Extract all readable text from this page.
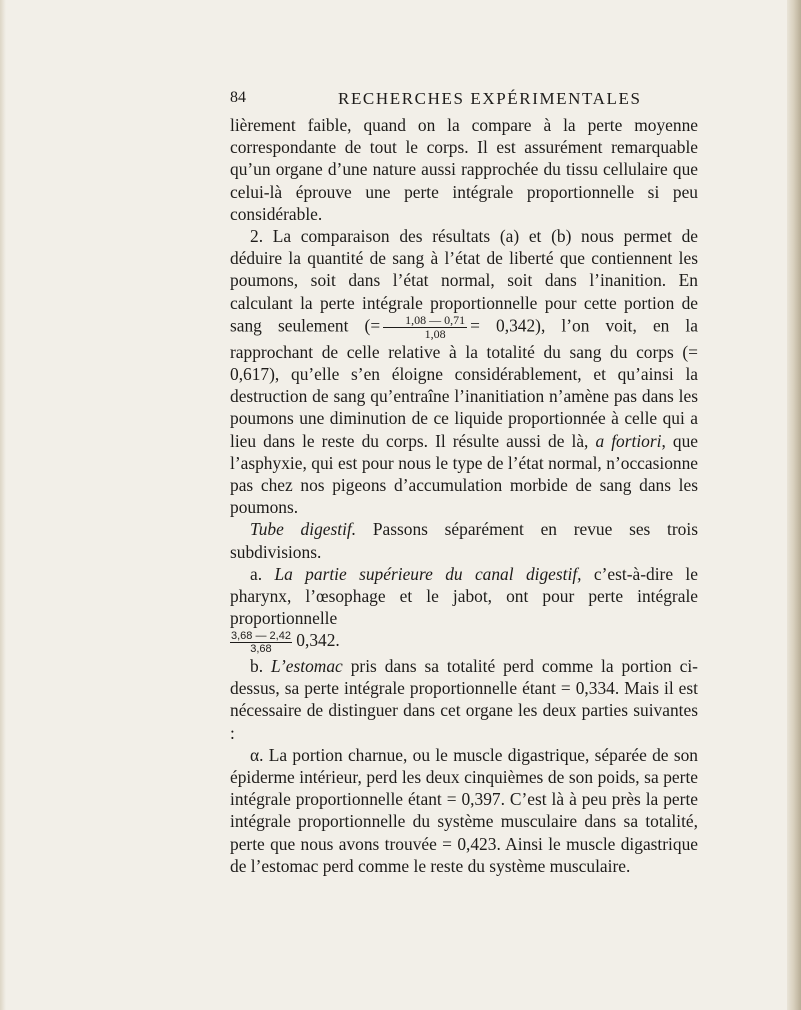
84	RECHERCHES EXPÉRIMENTALES

lièrement faible, quand on la compare à la perte moyenne correspondante de tout le corps. Il est assurément remarquable qu’un organe d’une nature aussi rapprochée du tissu cellulaire que celui-là éprouve une perte intégrale proportionnelle si peu considérable.

2. La comparaison des résultats (a) et (b) nous permet de déduire la quantité de sang à l’état de liberté que contiennent les poumons, soit dans l’état normal, soit dans l’inanition. En calculant la perte intégrale proportionnelle pour cette portion de sang seulement (= $\frac{1,08 — 0,71}{1,08} = 0,342$), l’on voit, en la rapprochant de celle relative à la totalité du sang du corps (= 0,617), qu’elle s’en éloigne considérablement, et qu’ainsi la destruction de sang qu’entraîne l’inanitiation n’amène pas dans les poumons une diminution de ce liquide proportionnée à celle qui a lieu dans le reste du corps. Il résulte aussi de là, a fortiori, que l’asphyxie, qui est pour nous le type de l’état normal, n’occasionne pas chez nos pigeons d’accumulation morbide de sang dans les poumons.

Tube digestif. Passons séparément en revue ses trois subdivisions.

a. La partie supérieure du canal digestif, c’est-à-dire le pharynx, l’œsophage et le jabot, ont pour perte intégrale proportionnelle

$\frac{3,68 — 2,42}{3,68} 0,342$.

b. L’estomac pris dans sa totalité perd comme la portion ci-dessus, sa perte intégrale proportionnelle étant = 0,334. Mais il est nécessaire de distinguer dans cet organe les deux parties suivantes :

α. La portion charnue, ou le muscle digastrique, séparée de son épiderme intérieur, perd les deux cinquièmes de son poids, sa perte intégrale proportionnelle étant = 0,397. C’est là à peu près la perte intégrale proportionnelle du système musculaire dans sa totalité, perte que nous avons trouvée = 0,423. Ainsi le muscle digastrique de l’estomac perd comme le reste du système musculaire.
